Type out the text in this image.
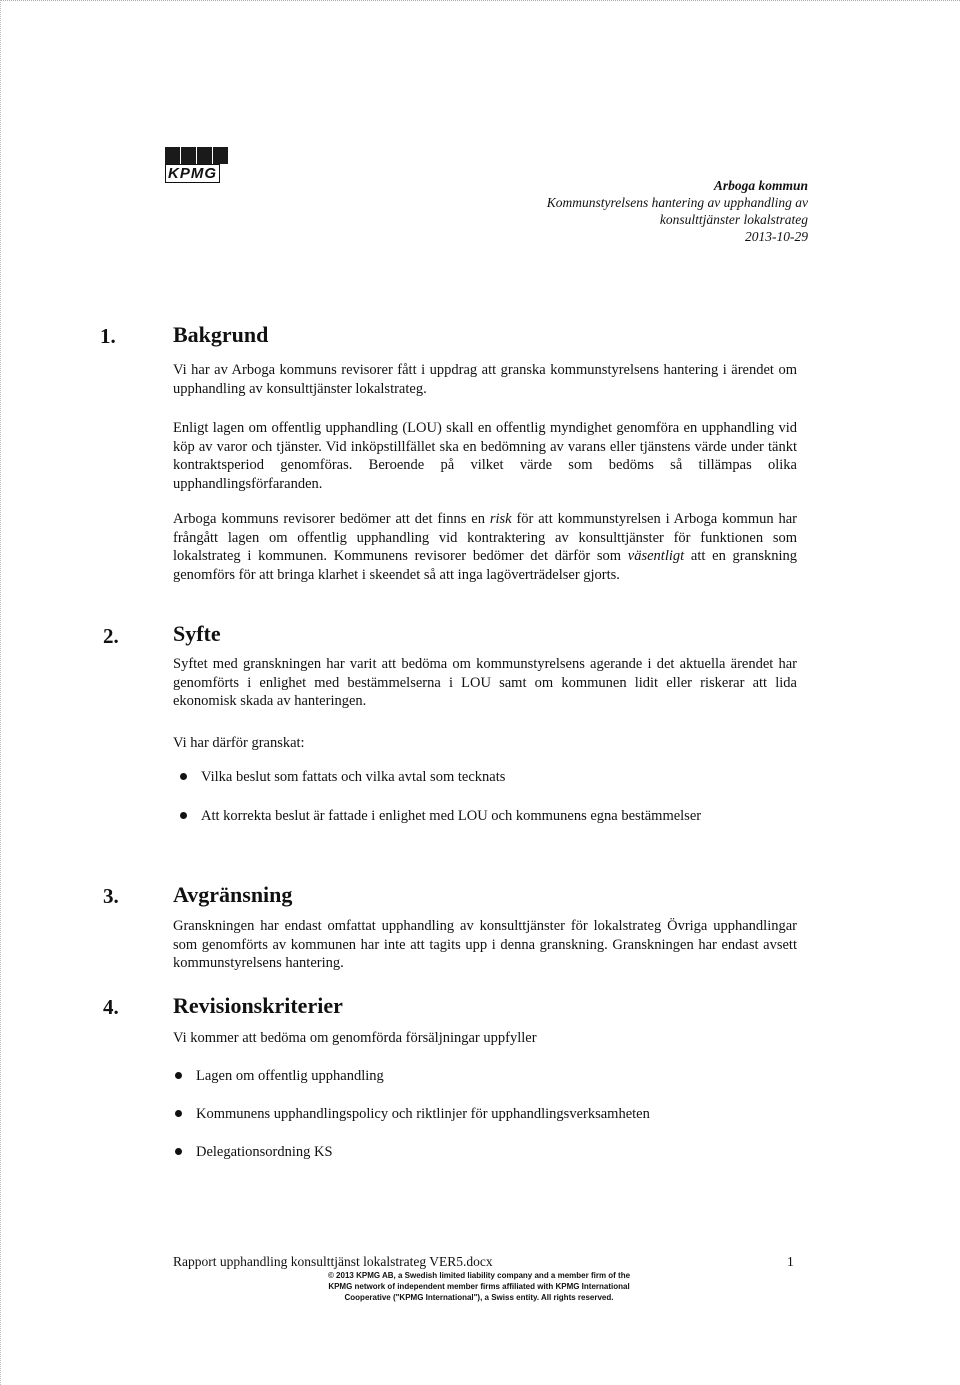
KPMG
Arboga kommun
Kommunstyrelsens hantering av upphandling av
konsulttjänster lokalstrateg
2013-10-29
1.	Bakgrund

Vi har av Arboga kommuns revisorer fått i uppdrag att granska kommunstyrelsens hantering i ärendet om upphandling av konsulttjänster lokalstrateg.

Enligt lagen om offentlig upphandling (LOU) skall en offentlig myndighet genomföra en upphandling vid köp av varor och tjänster. Vid inköpstillfället ska en bedömning av varans eller tjänstens värde under tänkt kontraktsperiod genomföras. Beroende på vilket värde som bedöms så tillämpas olika upphandlingsförfaranden.

Arboga kommuns revisorer bedömer att det finns en risk för att kommunstyrelsen i Arboga kommun har frångått lagen om offentlig upphandling vid kontraktering av konsulttjänster för funktionen som lokalstrateg i kommunen. Kommunens revisorer bedömer det därför som väsentligt att en granskning genomförs för att bringa klarhet i skeendet så att inga lagöverträdelser gjorts.

2. Syfte

Syftet med granskningen har varit att bedöma om kommunstyrelsens agerande i det aktuella ärendet har genomförts i enlighet med bestämmelserna i LOU samt om kommunen lidit eller riskerar att lida ekonomisk skada av hanteringen.

Vi har därför granskat:

Vilka beslut som fattats och vilka avtal som tecknats
Att korrekta beslut är fattade i enlighet med LOU och kommunens egna bestämmelser
3. Avgränsning

Granskningen har endast omfattat upphandling av konsulttjänster för lokalstrateg Övriga upphandlingar som genomförts av kommunen har inte att tagits upp i denna granskning. Granskningen har endast avsett kommunstyrelsens hantering.

4. Revisionskriterier

Vi kommer att bedöma om genomförda försäljningar uppfyller

Lagen om offentlig upphandling
Kommunens upphandlingspolicy och riktlinjer för upphandlingsverksamheten
Delegationsordning KS
Rapport upphandling konsulttjänst lokalstrateg VER5.docx	1
© 2013 KPMG AB, a Swedish limited liability company and a member firm of the
KPMG network of independent member firms affiliated with KPMG International
Cooperative ("KPMG International"), a Swiss entity. All rights reserved.
